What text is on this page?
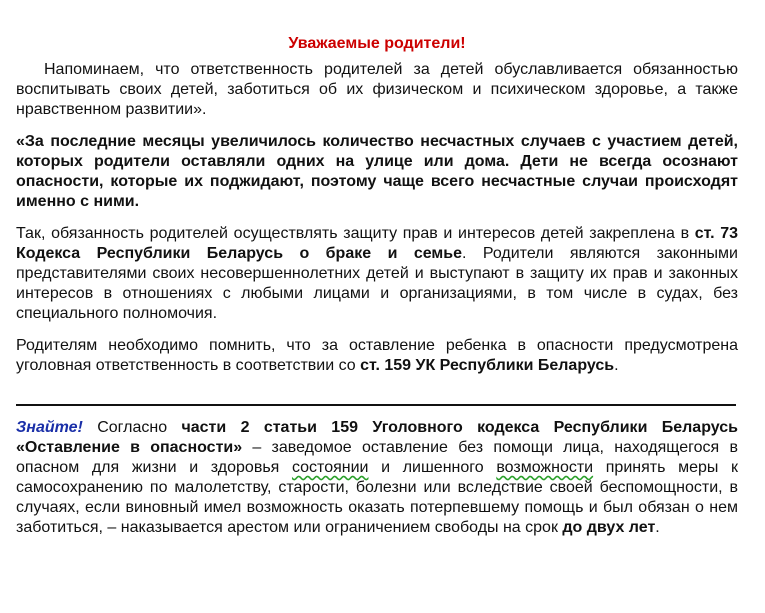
Уважаемые родители!

Напоминаем, что ответственность родителей за детей обуславливается обязанностью воспитывать своих детей, заботиться об их физическом и психическом здоровье, а также нравственном развитии».

«За последние месяцы увеличилось количество несчастных случаев с участием детей, которых родители оставляли одних на улице или дома. Дети не всегда осознают опасности, которые их поджидают, поэтому чаще всего несчастные случаи происходят именно с ними.

Так, обязанность родителей осуществлять защиту прав и интересов детей закреплена в ст. 73 Кодекса Республики Беларусь о браке и семье. Родители являются законными представителями своих несовершеннолетних детей и выступают в защиту их прав и законных интересов в отношениях с любыми лицами и организациями, в том числе в судах, без специального полномочия.

Родителям необходимо помнить, что за оставление ребенка в опасности предусмотрена уголовная ответственность в соответствии со ст. 159 УК Республики Беларусь.

Знайте! Согласно части 2 статьи 159 Уголовного кодекса Республики Беларусь «Оставление в опасности» – заведомое оставление без помощи лица, находящегося в опасном для жизни и здоровья состоянии и лишенного возможности принять меры к самосохранению по малолетству, старости, болезни или вследствие своей беспомощности, в случаях, если виновный имел возможность оказать потерпевшему помощь и был обязан о нем заботиться, – наказывается арестом или ограничением свободы на срок до двух лет.
